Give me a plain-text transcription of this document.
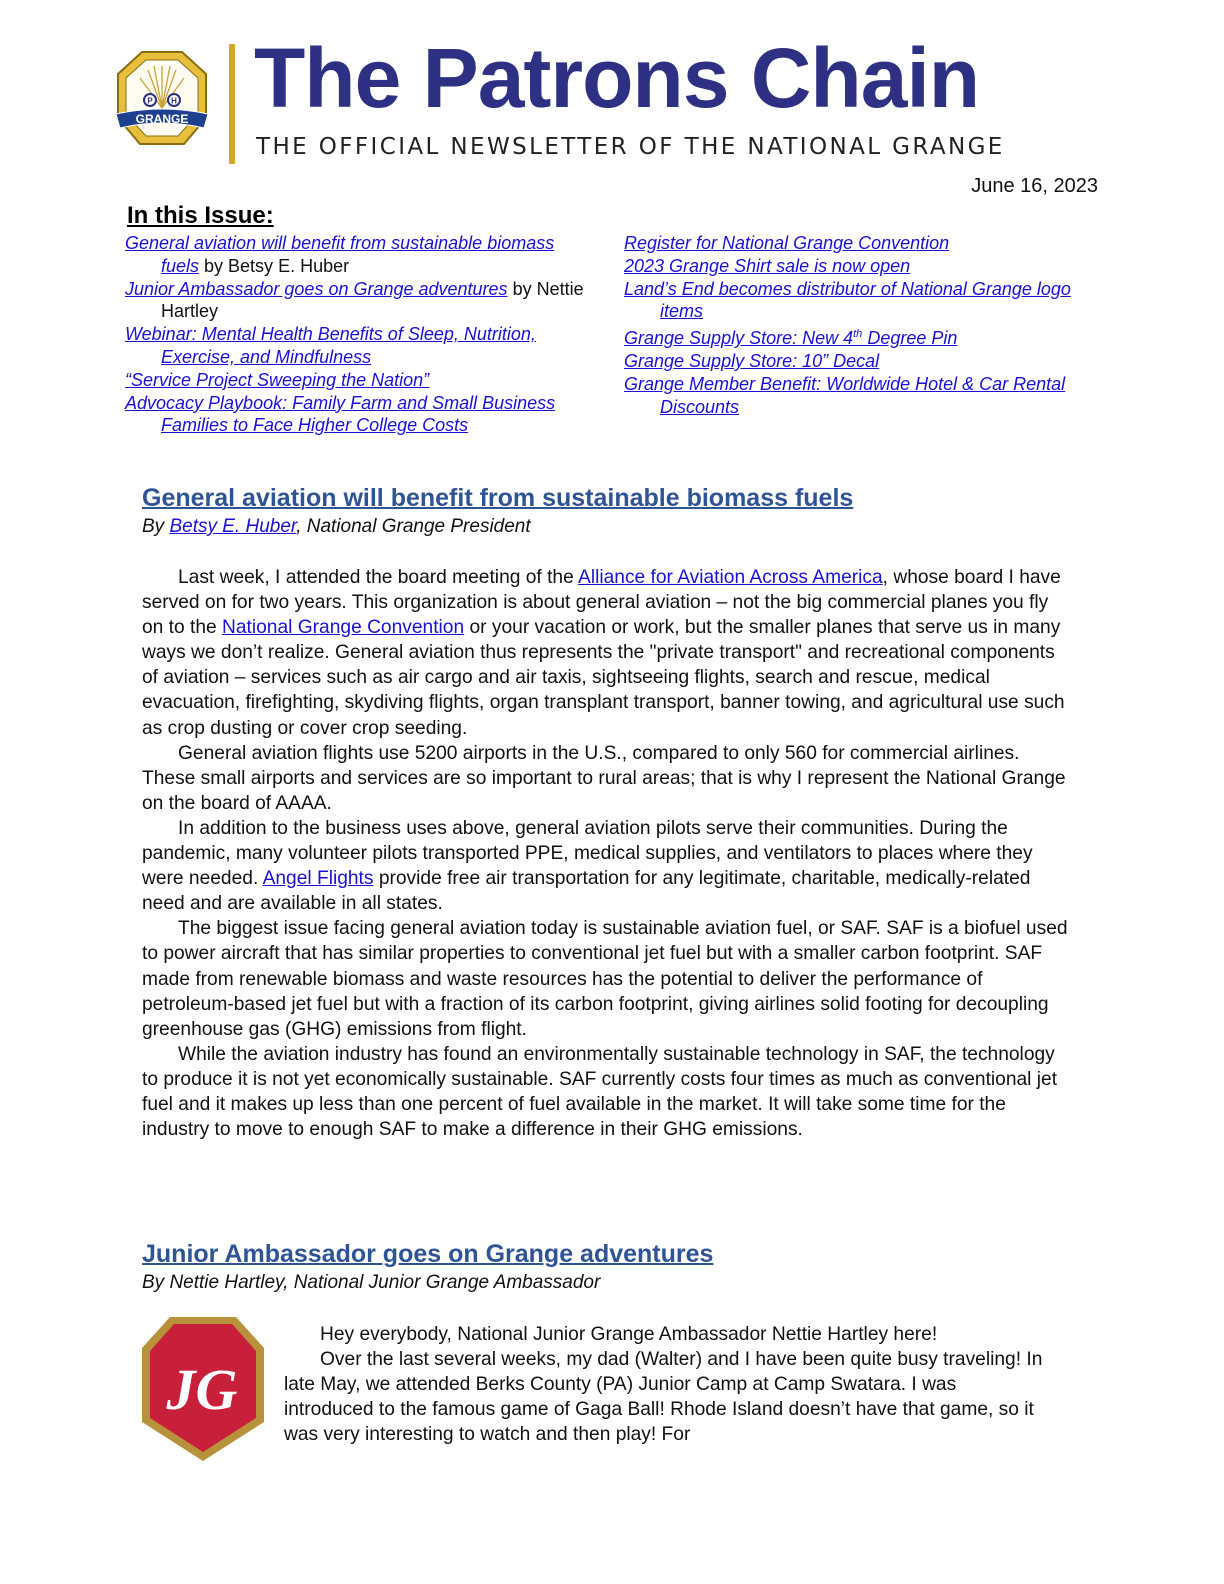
P H
GRANGE The Patrons Chain
THE OFFICIAL NEWSLETTER OF THE NATIONAL GRANGE
June 16, 2023
In this Issue:
General aviation will benefit from sustainable biomass fuels by Betsy E. Huber
Junior Ambassador goes on Grange adventures by Nettie Hartley
Webinar: Mental Health Benefits of Sleep, Nutrition, Exercise, and Mindfulness
“Service Project Sweeping the Nation”
Advocacy Playbook: Family Farm and Small Business Families to Face Higher College Costs
Register for National Grange Convention
2023 Grange Shirt sale is now open
Land’s End becomes distributor of National Grange logo items
Grange Supply Store: New 4th Degree Pin
Grange Supply Store: 10” Decal
Grange Member Benefit: Worldwide Hotel & Car Rental Discounts
General aviation will benefit from sustainable biomass fuels
By Betsy E. Huber, National Grange President

Last week, I attended the board meeting of the Alliance for Aviation Across America, whose board I have served on for two years. This organization is about general aviation – not the big commercial planes you fly on to the National Grange Convention or your vacation or work, but the smaller planes that serve us in many ways we don’t realize. General aviation thus represents the "private transport" and recreational components of aviation – services such as air cargo and air taxis, sightseeing flights, search and rescue, medical evacuation, firefighting, skydiving flights, organ transplant transport, banner towing, and agricultural use such as crop dusting or cover crop seeding.

General aviation flights use 5200 airports in the U.S., compared to only 560 for commercial airlines. These small airports and services are so important to rural areas; that is why I represent the National Grange on the board of AAAA.

In addition to the business uses above, general aviation pilots serve their communities. During the pandemic, many volunteer pilots transported PPE, medical supplies, and ventilators to places where they were needed. Angel Flights provide free air transportation for any legitimate, charitable, medically-related need and are available in all states.

The biggest issue facing general aviation today is sustainable aviation fuel, or SAF. SAF is a biofuel used to power aircraft that has similar properties to conventional jet fuel but with a smaller carbon footprint. SAF made from renewable biomass and waste resources has the potential to deliver the performance of petroleum-based jet fuel but with a fraction of its carbon footprint, giving airlines solid footing for decoupling greenhouse gas (GHG) emissions from flight.

While the aviation industry has found an environmentally sustainable technology in SAF, the technology to produce it is not yet economically sustainable. SAF currently costs four times as much as conventional jet fuel and it makes up less than one percent of fuel available in the market. It will take some time for the industry to move to enough SAF to make a difference in their GHG emissions.

Junior Ambassador goes on Grange adventures
By Nettie Hartley, National Junior Grange Ambassador
JG

Hey everybody, National Junior Grange Ambassador Nettie Hartley here!

Over the last several weeks, my dad (Walter) and I have been quite busy traveling! In late May, we attended Berks County (PA) Junior Camp at Camp Swatara. I was introduced to the famous game of Gaga Ball! Rhode Island doesn’t have that game, so it was very interesting to watch and then play! For
